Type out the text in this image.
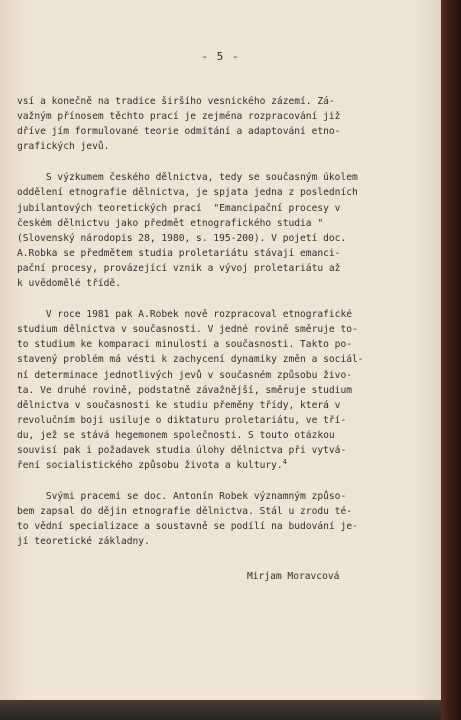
- 5 -
vsí a konečně na tradice širšího vesnického zázemí. Zá-
važným přínosem těchto prací je zejména rozpracování již
dříve jím formulované teorie odmítání a adaptování etno-
grafických jevů.
S výzkumem českého dělnictva, tedy se současným úkolem
oddělení etnografie dělnictva, je spjata jedna z posledních
jubilantových teoretických prací  "Emancipační procesy v
českém dělnictvu jako předmět etnografického studia "
(Slovenský národopis 28, 1980, s. 195-200). V pojetí doc.
A.Robka se předmětem studia proletariátu stávají emanci-
pační procesy, provázející vznik a vývoj proletariátu až
k uvědomělé třídě.
V roce 1981 pak A.Robek nově rozpracoval etnografické
studium dělnictva v současnosti. V jedné rovině směruje to-
to studium ke komparaci minulosti a současnosti. Takto po-
stavený problém má vésti k zachycení dynamiky změn a sociál-
ní determinace jednotlivých jevů v současném způsobu živo-
ta. Ve druhé rovině, podstatně závažnější, směruje studium
dělnictva v současnosti ke studiu přeměny třídy, která v
revolučním boji usiluje o diktaturu proletariátu, ve tří-
du, jež se stává hegemonem společnosti. S touto otázkou
souvisí pak i požadavek studia úlohy dělnictva při vytvá-
ření socialistického způsobu života a kultury.$^4$
Svými pracemi se doc. Antonín Robek významným způso-
bem zapsal do dějin etnografie dělnictva. Stál u zrodu té-
to vědní specializace a soustavně se podílí na budování je-
jí teoretické základny.
Mirjam Moravcová
